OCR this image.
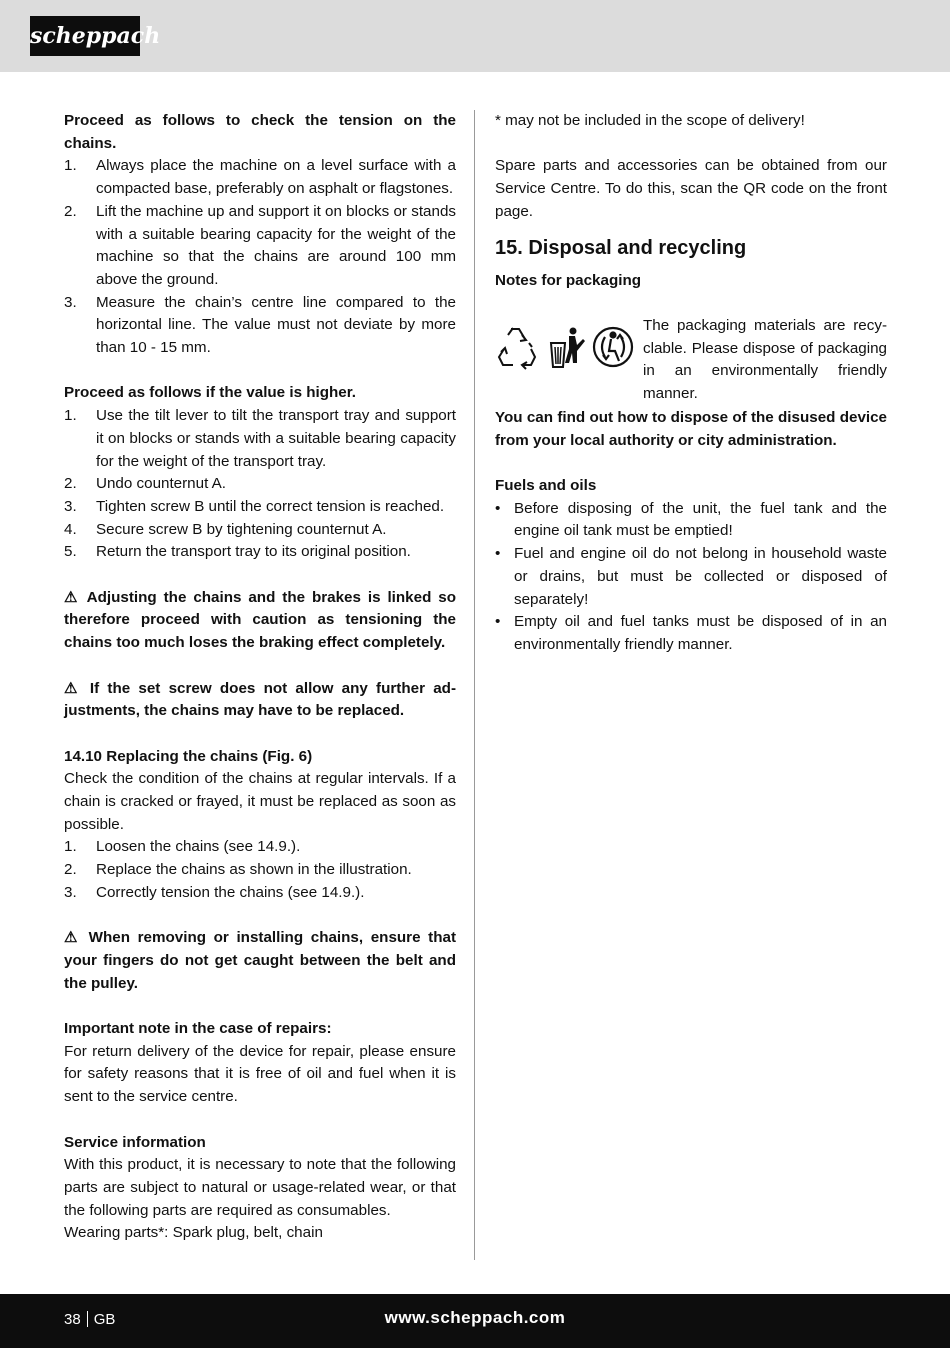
scheppach

Proceed as follows to check the tension on the chains.

1. Always place the machine on a level surface with a compacted base, preferably on asphalt or flagstones.
2. Lift the machine up and support it on blocks or stands with a suitable bearing capacity for the weight of the machine so that the chains are around 100 mm above the ground.
3. Measure the chain’s centre line compared to the horizontal line. The value must not deviate by more than 10 - 15 mm.

Proceed as follows if the value is higher.

1. Use the tilt lever to tilt the transport tray and support it on blocks or stands with a suitable bearing capacity for the weight of the transport tray.
2. Undo counternut A.
3. Tighten screw B until the correct tension is reached.
4. Secure screw B by tightening counternut A.
5. Return the transport tray to its original position.

⚠ Adjusting the chains and the brakes is linked so therefore proceed with caution as tensioning the chains too much loses the braking effect completely.

⚠ If the set screw does not allow any further adjustments, the chains may have to be replaced.

14.10 Replacing the chains (Fig. 6)

Check the condition of the chains at regular intervals. If a chain is cracked or frayed, it must be replaced as soon as possible.

1. Loosen the chains (see 14.9.).
2. Replace the chains as shown in the illustration.
3. Correctly tension the chains (see 14.9.).

⚠ When removing or installing chains, ensure that your fingers do not get caught between the belt and the pulley.

Important note in the case of repairs:

For return delivery of the device for repair, please ensure for safety reasons that it is free of oil and fuel when it is sent to the service centre.

Service information

With this product, it is necessary to note that the following parts are subject to natural or usage-related wear, or that the following parts are required as consumables.

Wearing parts*: Spark plug, belt, chain

* may not be included in the scope of delivery!

Spare parts and accessories can be obtained from our Service Centre. To do this, scan the QR code on the front page.

15. Disposal and recycling

Notes for packaging

The packaging materials are recyclable. Please dispose of packaging in an environmentally friendly manner.

You can find out how to dispose of the disused device from your local authority or city administration.

Fuels and oils

• Before disposing of the unit, the fuel tank and the engine oil tank must be emptied!
• Fuel and engine oil do not belong in household waste or drains, but must be collected or disposed of separately!
• Empty oil and fuel tanks must be disposed of in an environmentally friendly manner.
38 GB	www.scheppach.com
